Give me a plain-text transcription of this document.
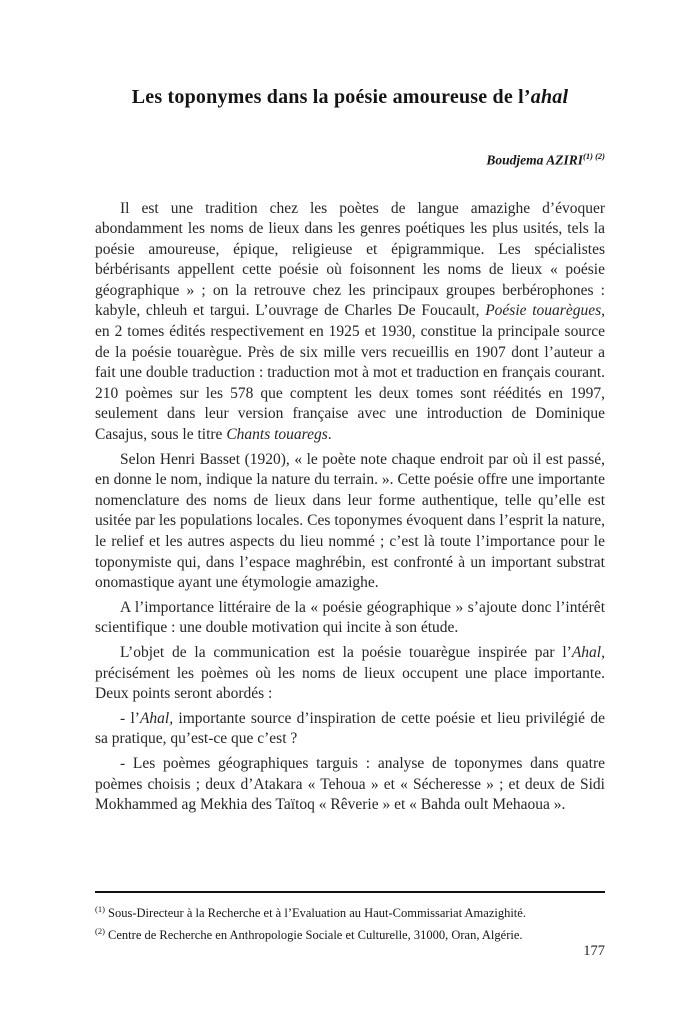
Les toponymes dans la poésie amoureuse de l’ahal
Boudjema $AZIRI^{(1) (2)}$

Il est une tradition chez les poètes de langue amazighe d’évoquer abondamment les noms de lieux dans les genres poétiques les plus usités, tels la poésie amoureuse, épique, religieuse et épigrammique. Les spécialistes bérbérisants appellent cette poésie où foisonnent les noms de lieux « poésie géographique » ; on la retrouve chez les principaux groupes berbérophones : kabyle, chleuh et targui. L’ouvrage de Charles De Foucault, Poésie touarègues, en 2 tomes édités respectivement en 1925 et 1930, constitue la principale source de la poésie touarègue. Près de six mille vers recueillis en 1907 dont l’auteur a fait une double traduction : traduction mot à mot et traduction en français courant. 210 poèmes sur les 578 que comptent les deux tomes sont réédités en 1997, seulement dans leur version française avec une introduction de Dominique Casajus, sous le titre Chants touaregs.

Selon Henri Basset (1920), « le poète note chaque endroit par où il est passé, en donne le nom, indique la nature du terrain. ». Cette poésie offre une importante nomenclature des noms de lieux dans leur forme authentique, telle qu’elle est usitée par les populations locales. Ces toponymes évoquent dans l’esprit la nature, le relief et les autres aspects du lieu nommé ; c’est là toute l’importance pour le toponymiste qui, dans l’espace maghrébin, est confronté à un important substrat onomastique ayant une étymologie amazighe.

A l’importance littéraire de la « poésie géographique » s’ajoute donc l’intérêt scientifique : une double motivation qui incite à son étude.

L’objet de la communication est la poésie touarègue inspirée par l’Ahal, précisément les poèmes où les noms de lieux occupent une place importante. Deux points seront abordés :

- l’Ahal, importante source d’inspiration de cette poésie et lieu privilégié de sa pratique, qu’est-ce que c’est ?

- Les poèmes géographiques targuis : analyse de toponymes dans quatre poèmes choisis ; deux d’Atakara « Tehoua » et « Sécheresse » ; et deux de Sidi Mokhammed ag Mekhia des Taïtoq « Rêverie » et « Bahda oult Mehaoua ».

$^{(1)}$ Sous-Directeur à la Recherche et à l’Evaluation au Haut-Commissariat Amazighité.
$^{(2)}$ Centre de Recherche en Anthropologie Sociale et Culturelle, 31000, Oran, Algérie.
177
